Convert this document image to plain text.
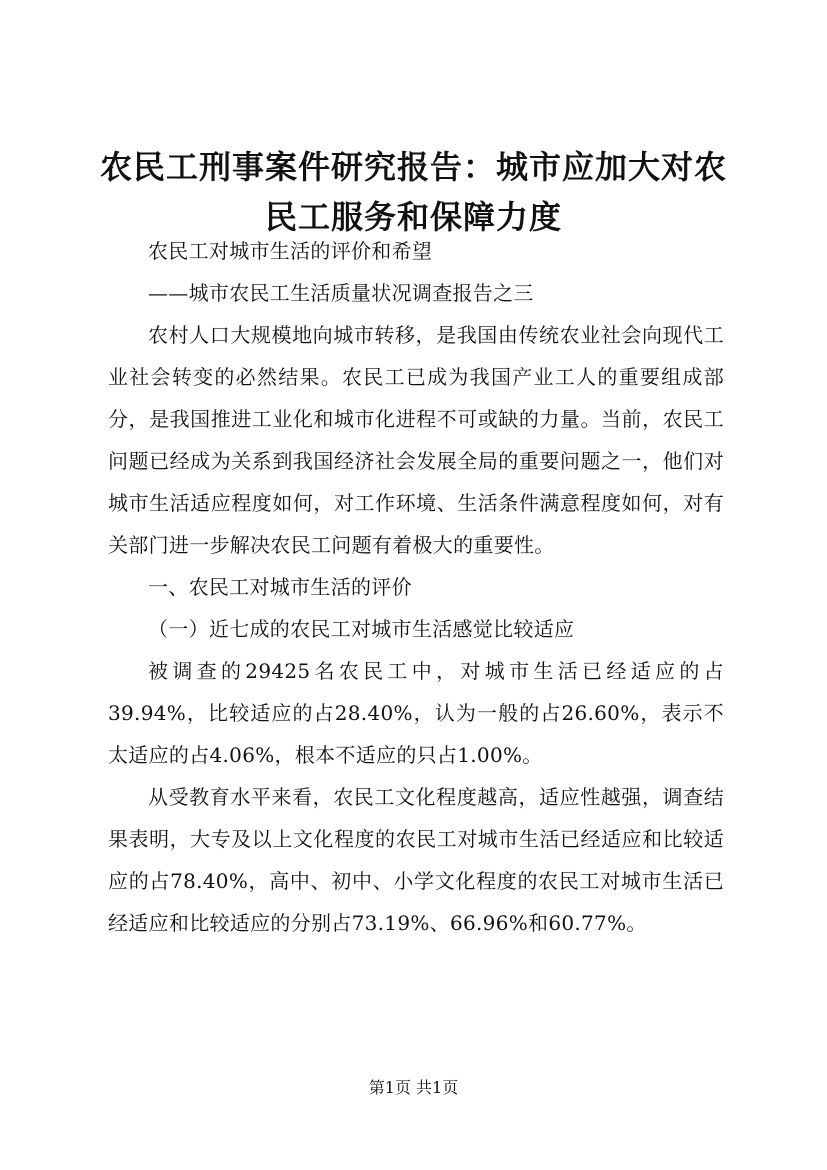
农民工刑事案件研究报告：城市应加大对农民工服务和保障力度

农民工对城市生活的评价和希望

——城市农民工生活质量状况调查报告之三

农村人口大规模地向城市转移，是我国由传统农业社会向现代工业社会转变的必然结果。农民工已成为我国产业工人的重要组成部分，是我国推进工业化和城市化进程不可或缺的力量。当前，农民工问题已经成为关系到我国经济社会发展全局的重要问题之一，他们对城市生活适应程度如何，对工作环境、生活条件满意程度如何，对有关部门进一步解决农民工问题有着极大的重要性。

一、农民工对城市生活的评价

（一）近七成的农民工对城市生活感觉比较适应

被调查的29425名农民工中，对城市生活已经适应的占39.94%，比较适应的占28.40%，认为一般的占26.60%，表示不太适应的占4.06%，根本不适应的只占1.00%。

从受教育水平来看，农民工文化程度越高，适应性越强，调查结果表明，大专及以上文化程度的农民工对城市生活已经适应和比较适应的占78.40%，高中、初中、小学文化程度的农民工对城市生活已经适应和比较适应的分别占73.19%、66.96%和60.77%。

第1页 共1页
